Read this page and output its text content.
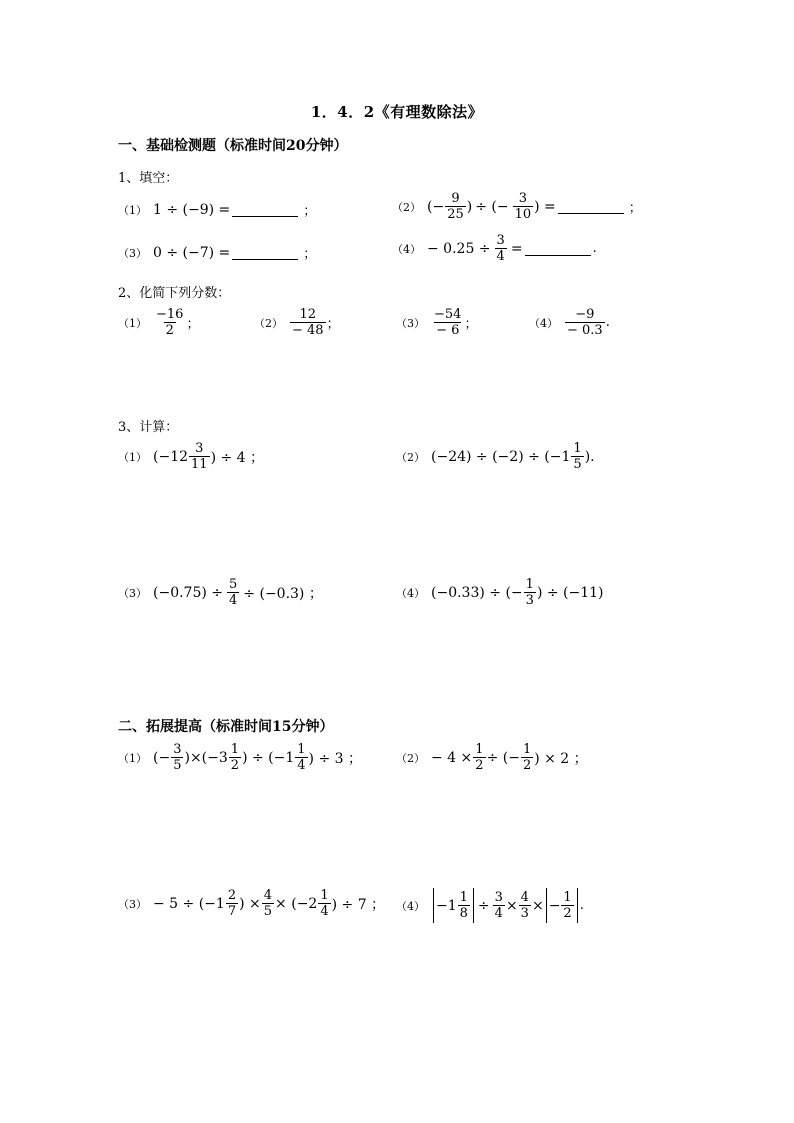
1．4．2《有理数除法》
一、基础检测题（标准时间20分钟）
1、填空：
（1） 1 ÷ (−9) =	；	（2） (− $\frac{9}{25}$ ) ÷ (− $\frac{3}{10}$ ) =	；
（3） 0 ÷ (−7) =	；	$(4) - 0.25 \div \frac{3}{4}$ =	.
2、化简下列分数：
$(1) \frac{-16}{2}$ ；	$(2) \frac{12}{- 48}$ ；	$(3) \frac{-54}{- 6}$ ；	$(4) \frac{-9}{- 0.3}$ .
3、计算：
（1） ($-12 \frac{3}{11}$ ) ÷ 4 ；	（2） $(-24) \div (-2) \div (-1 \frac{1}{5}$ ).
（3） $(-0.75) \div \frac{5}{4} \div (-0.3)$ ；	（4） (−0.33) ÷ (− $\frac{1}{3}$ ) ÷ (−11)
二、拓展提高（标准时间15分钟）
（1） (− $\frac{3}{5} )\times(-3 \frac{1}{2}$ ) ÷ ($-1 \frac{1}{4}$ ) ÷ 3 ；	$(2) - 4 \times \frac{1}{2}$ ÷ (− $\frac{1}{2}$ ) × 2 ；
$(3) - 5 \div (-1 \frac{2}{7}$ ) × $\frac{4}{5} \times (-2 \frac{1}{4}$ ) ÷ 7 ； $(4) -1 \frac{1}{8} \div \frac{3}{4} \times \frac{4}{3}$ × − $\frac{1}{2}$ .
